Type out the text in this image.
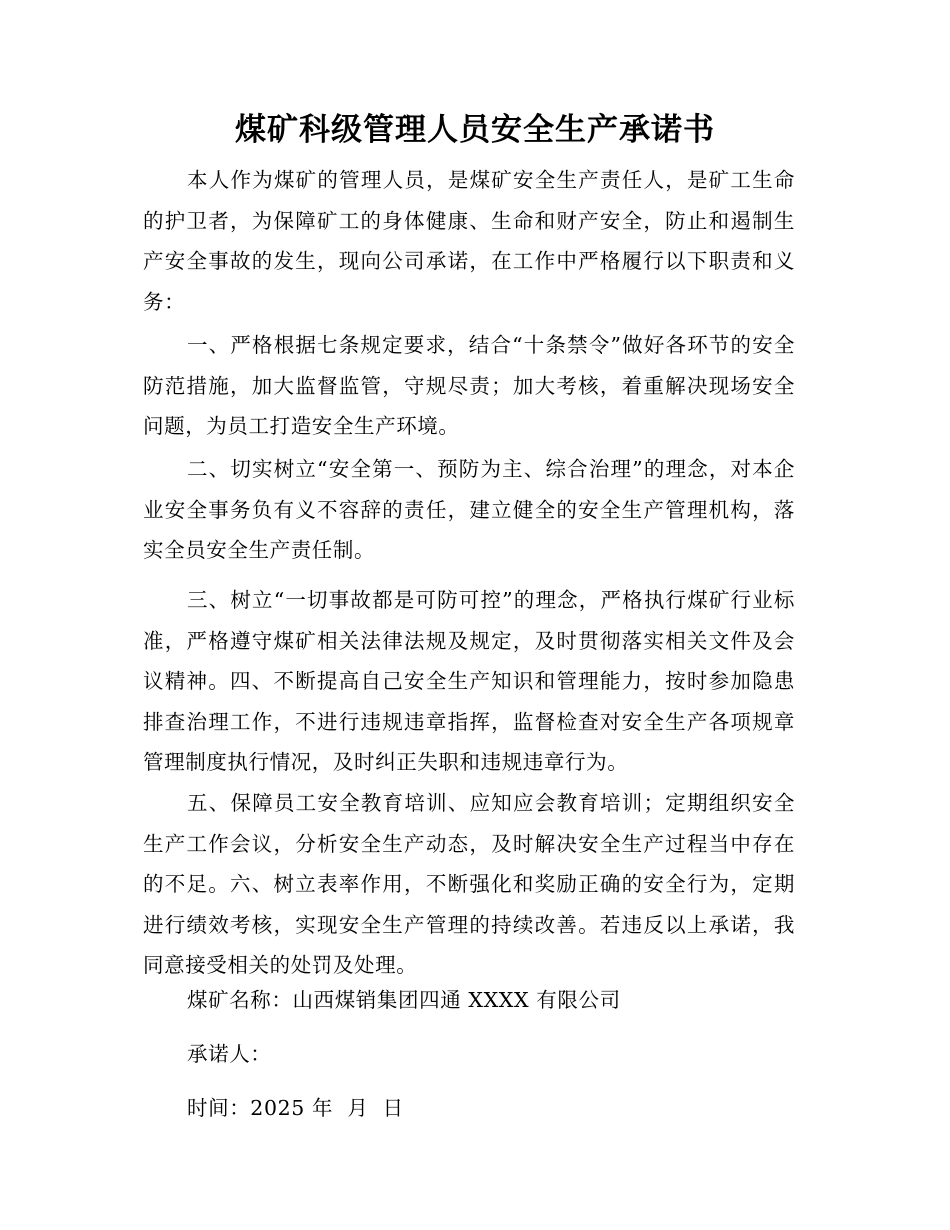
煤矿科级管理人员安全生产承诺书

本人作为煤矿的管理人员，是煤矿安全生产责任人，是矿工生命的护卫者，为保障矿工的身体健康、生命和财产安全，防止和遏制生产安全事故的发生，现向公司承诺，在工作中严格履行以下职责和义务：

一、严格根据七条规定要求，结合“十条禁令”做好各环节的安全防范措施，加大监督监管，守规尽责；加大考核，着重解决现场安全问题，为员工打造安全生产环境。

二、切实树立“安全第一、预防为主、综合治理”的理念，对本企业安全事务负有义不容辞的责任，建立健全的安全生产管理机构，落实全员安全生产责任制。

三、树立“一切事故都是可防可控”的理念，严格执行煤矿行业标准，严格遵守煤矿相关法律法规及规定，及时贯彻落实相关文件及会议精神。四、不断提高自己安全生产知识和管理能力，按时参加隐患排查治理工作，不进行违规违章指挥，监督检查对安全生产各项规章管理制度执行情况，及时纠正失职和违规违章行为。

五、保障员工安全教育培训、应知应会教育培训；定期组织安全生产工作会议，分析安全生产动态，及时解决安全生产过程当中存在的不足。六、树立表率作用，不断强化和奖励正确的安全行为，定期进行绩效考核，实现安全生产管理的持续改善。若违反以上承诺，我同意接受相关的处罚及处理。

煤矿名称：山西煤销集团四通 XXXX 有限公司

承诺人：

时间：2025 年  月  日
